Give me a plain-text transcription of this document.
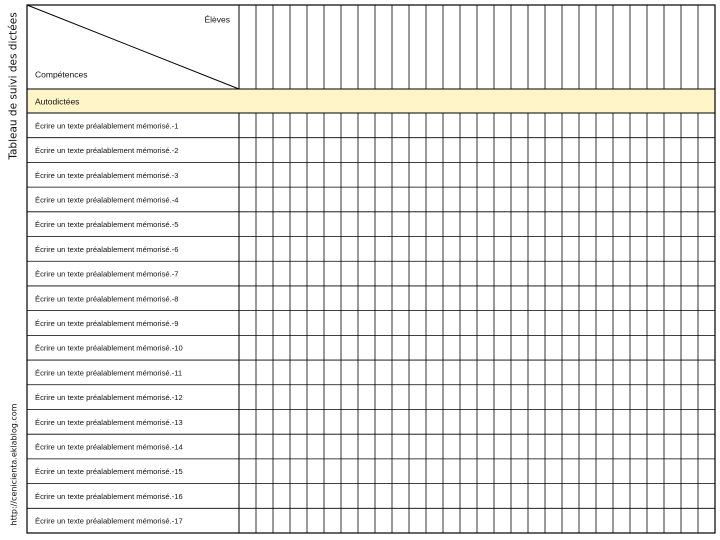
Tableau de suivi des dictées
http://cenicienta.eklablog.com
Élèves
Compétences
Autodictées
Écrire un texte préalablement mémorisé.-1
Écrire un texte préalablement mémorisé.-2
Écrire un texte préalablement mémorisé.-3
Écrire un texte préalablement mémorisé.-4
Écrire un texte préalablement mémorisé.-5
Écrire un texte préalablement mémorisé.-6
Écrire un texte préalablement mémorisé.-7
Écrire un texte préalablement mémorisé.-8
Écrire un texte préalablement mémorisé.-9
Écrire un texte préalablement mémorisé.-10
Écrire un texte préalablement mémorisé.-11
Écrire un texte préalablement mémorisé.-12
Écrire un texte préalablement mémorisé.-13
Écrire un texte préalablement mémorisé.-14
Écrire un texte préalablement mémorisé.-15
Écrire un texte préalablement mémorisé.-16
Écrire un texte préalablement mémorisé.-17
